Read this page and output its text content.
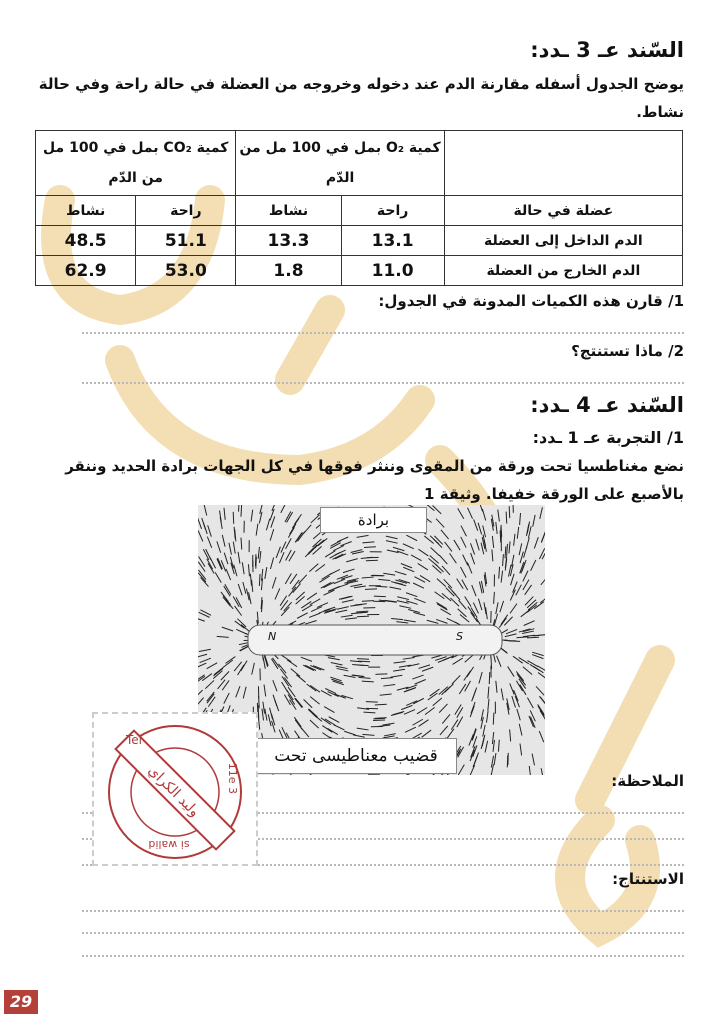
السّند عـ 3 ـدد:
يوضح الجدول أسفله مقارنة الدم عند دخوله وخروجه من العضلة في حالة راحة وفي حالة نشاط.
	كمية O₂ بمل في 100 مل من الدّم		كمية CO₂ بمل في 100 مل من الدّم	
عضلة في حالة	راحة	نشاط	راحة	نشاط
الدم الداخل إلى العضلة	13.1	13.3	51.1	48.5
الدم الخارج من العضلة	11.0	1.8	53.0	62.9
1/ قارن هذه الكميات المدونة في الجدول:
2/ ماذا تستنتج؟
السّند عـ 4 ـدد:
1/ التجربة عـ 1 ـدد:
نضع مغناطسيا تحت ورقة من المقوى وننثر فوقها في كل الجهات برادة الحديد وننقر بالأصبع على الورقة خفيفا. وثيقة 1
برادة
قضيب معناطيسى تحت
N	S
الملاحظة:
الاستنتاج:
وليد الكراي
Tel
3 11e
si walid
29
